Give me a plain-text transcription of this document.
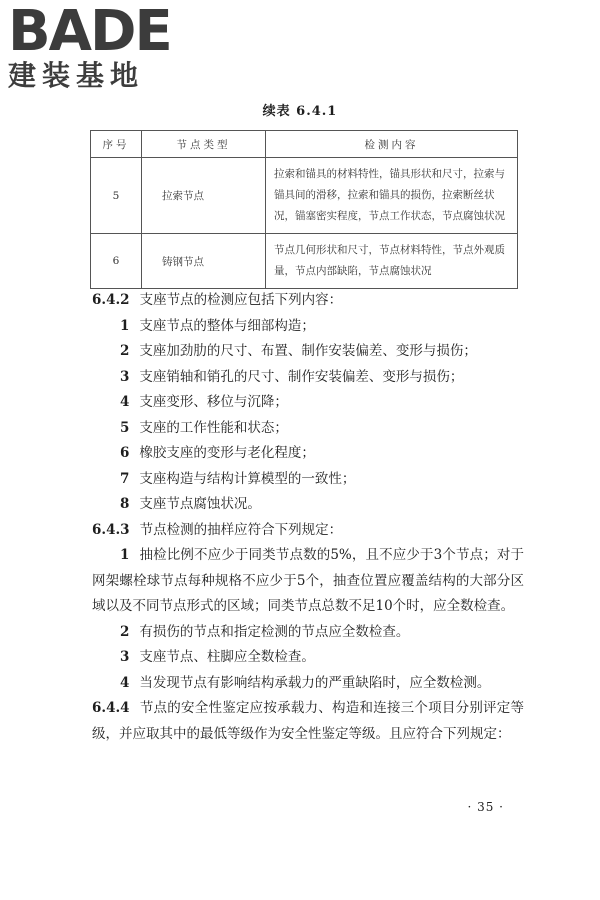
BADE
建装基地
续表 6.4.1
序号	节点类型	检测内容
5	拉索节点	拉索和锚具的材料特性，锚具形状和尺寸，拉索与锚具间的滑移，拉索和锚具的损伤，拉索断丝状况，锚塞密实程度，节点工作状态，节点腐蚀状况
6	铸钢节点	节点几何形状和尺寸，节点材料特性，节点外观质量，节点内部缺陷，节点腐蚀状况

6.4.2 支座节点的检测应包括下列内容：

1 支座节点的整体与细部构造；

2 支座加劲肋的尺寸、布置、制作安装偏差、变形与损伤；

3 支座销轴和销孔的尺寸、制作安装偏差、变形与损伤；

4 支座变形、移位与沉降；

5 支座的工作性能和状态；

6 橡胶支座的变形与老化程度；

7 支座构造与结构计算模型的一致性；

8 支座节点腐蚀状况。

6.4.3 节点检测的抽样应符合下列规定：

1 抽检比例不应少于同类节点数的5%，且不应少于3个节点；对于网架螺栓球节点每种规格不应少于5个，抽查位置应覆盖结构的大部分区域以及不同节点形式的区域；同类节点总数不足10个时，应全数检查。

2 有损伤的节点和指定检测的节点应全数检查。

3 支座节点、柱脚应全数检查。

4 当发现节点有影响结构承载力的严重缺陷时，应全数检测。

6.4.4 节点的安全性鉴定应按承载力、构造和连接三个项目分别评定等级，并应取其中的最低等级作为安全性鉴定等级。且应符合下列规定：

· 35 ·
